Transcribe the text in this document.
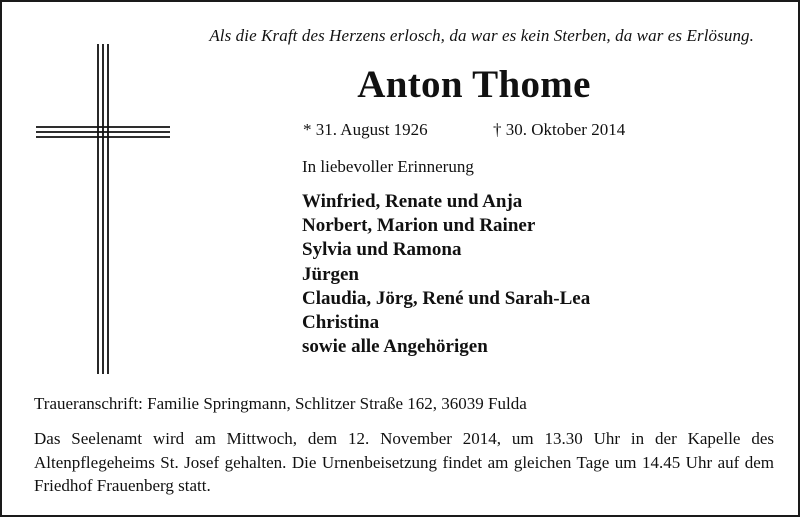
Als die Kraft des Herzens erlosch, da war es kein Sterben, da war es Erlösung.
Anton Thome
* 31. August 1926	† 30. Oktober 2014
In liebevoller Erinnerung
Winfried, Renate und Anja
Norbert, Marion und Rainer
Sylvia und Ramona
Jürgen
Claudia, Jörg, René und Sarah-Lea
Christina
sowie alle Angehörigen
Traueranschrift: Familie Springmann, Schlitzer Straße 162, 36039 Fulda
Das Seelenamt wird am Mittwoch, dem 12. November 2014, um 13.30 Uhr in der Kapelle des Altenpflegeheims St. Josef gehalten. Die Urnenbeisetzung findet am gleichen Tage um 14.45 Uhr auf dem Friedhof Frauenberg statt.
